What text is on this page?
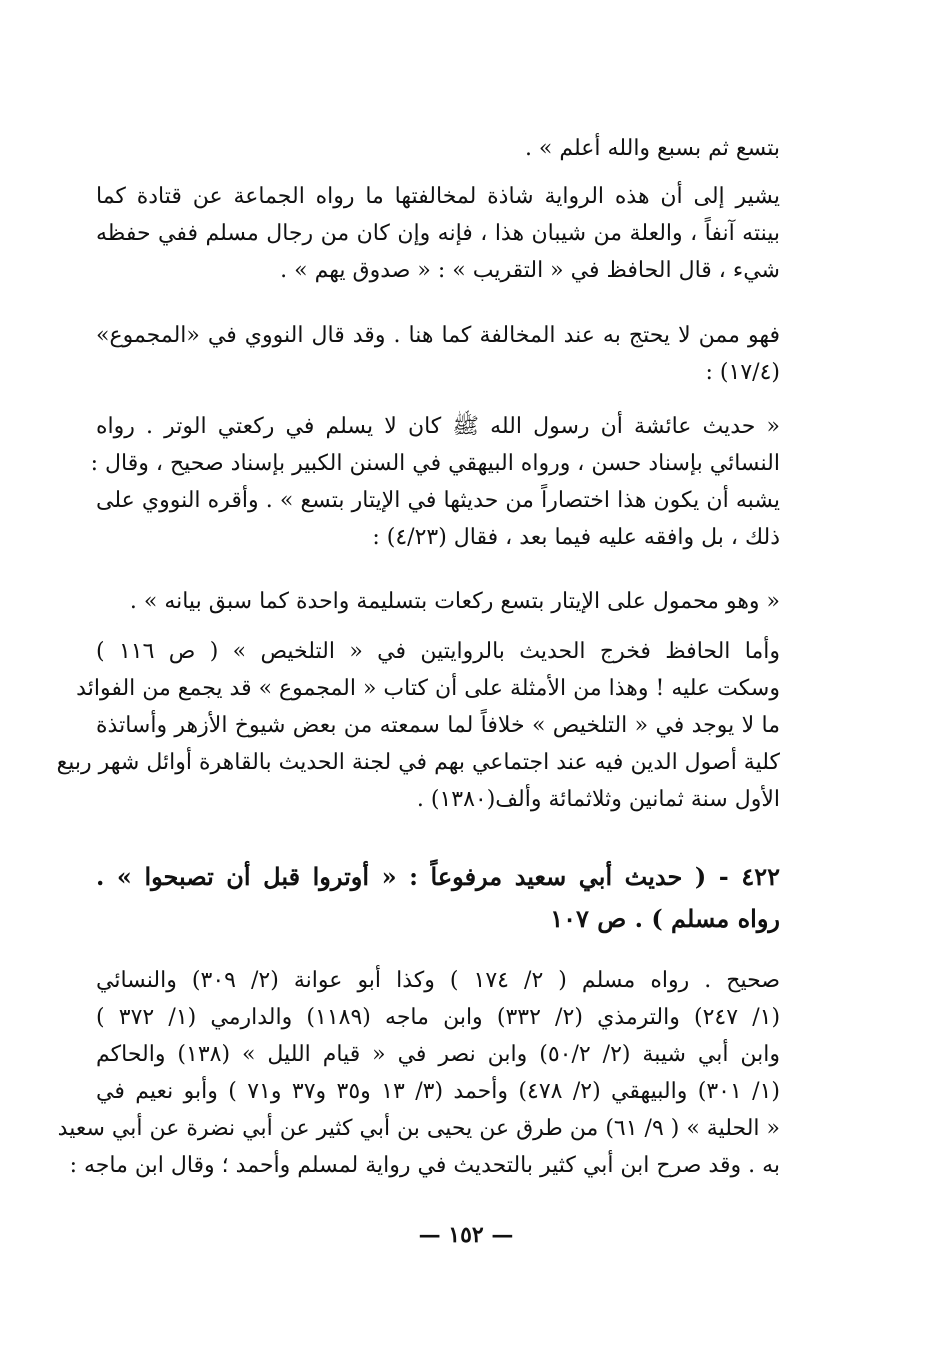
بتسع ثم بسبع والله أعلم » .
يشير إلى أن هذه الرواية شاذة لمخالفتها ما رواه الجماعة عن قتادة كما
بينته آنفاً ، والعلة من شيبان هذا ، فإنه وإن كان من رجال مسلم ففي حفظه
شيء ، قال الحافظ في « التقريب » : « صدوق يهم » .
فهو ممن لا يحتج به عند المخالفة كما هنا . وقد قال النووي في «المجموع»
(١٧/٤) :
« حديث عائشة أن رسول الله ﷺ كان لا يسلم في ركعتي الوتر . رواه
النسائي بإسناد حسن ، ورواه البيهقي في السنن الكبير بإسناد صحيح ، وقال :
يشبه أن يكون هذا اختصاراً من حديثها في الإيتار بتسع » . وأقره النووي على
ذلك ، بل وافقه عليه فيما بعد ، فقال (٤/٢٣) :
« وهو محمول على الإيتار بتسع ركعات بتسليمة واحدة كما سبق بيانه » .
وأما الحافظ فخرج الحديث بالروايتين في « التلخيص » ( ص ١١٦ )
وسكت عليه ! وهذا من الأمثلة على أن كتاب « المجموع » قد يجمع من الفوائد
ما لا يوجد في « التلخيص » خلافاً لما سمعته من بعض شيوخ الأزهر وأساتذة
كلية أصول الدين فيه عند اجتماعي بهم في لجنة الحديث بالقاهرة أوائل شهر ربيع
الأول سنة ثمانين وثلاثمائة وألف(١٣٨٠) .
٤٢٢ - ( حديث أبي سعيد مرفوعاً : « أوتروا قبل أن تصبحوا » .
رواه مسلم ) . ص ١٠٧
صحيح . رواه مسلم ( ٢/ ١٧٤ ) وكذا أبو عوانة (٢/ ٣٠٩) والنسائي
(١/ ٢٤٧) والترمذي (٢/ ٣٣٢) وابن ماجه (١١٨٩) والدارمي (١/ ٣٧٢ )
وابن أبي شيبة (٢/ ٥٠/٢) وابن نصر في « قيام الليل » (١٣٨) والحاكم
(١/ ٣٠١) والبيهقي (٢/ ٤٧٨) وأحمد (٣/ ١٣ و٣٥ و٣٧ و٧١ ) وأبو نعيم في
« الحلية » ( ٩/ ٦١) من طرق عن يحيى بن أبي كثير عن أبي نضرة عن أبي سعيد
به . وقد صرح ابن أبي كثير بالتحديث في رواية لمسلم وأحمد ؛ وقال ابن ماجه :
— ١٥٢ —
